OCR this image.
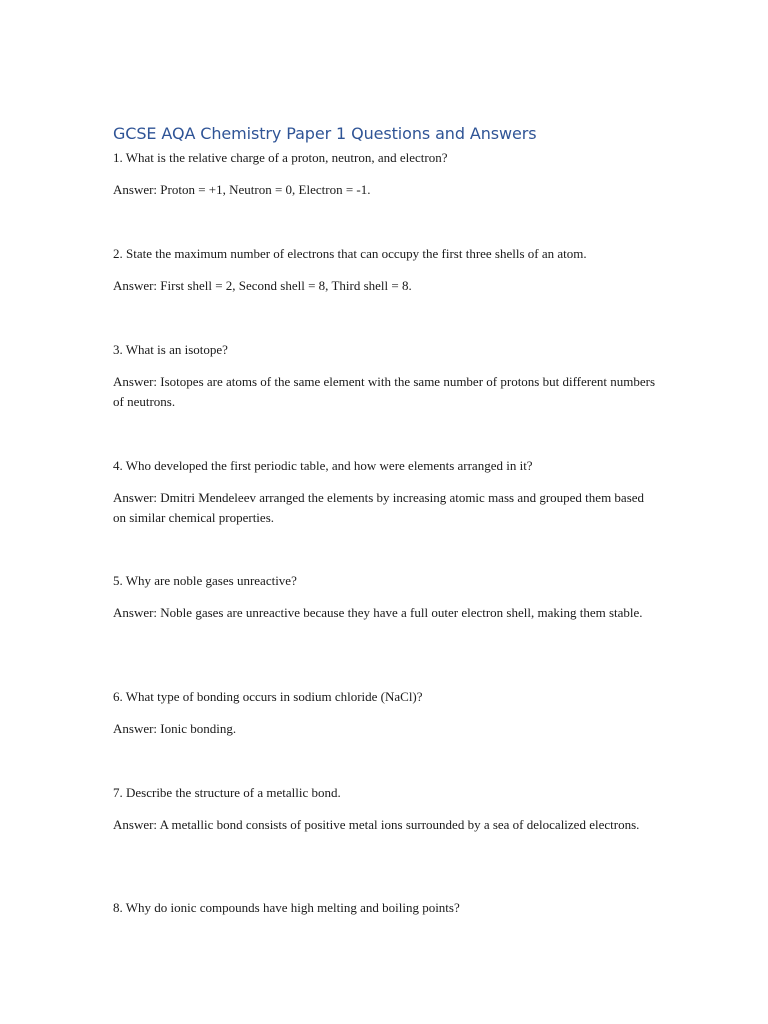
GCSE AQA Chemistry Paper 1 Questions and Answers

1. What is the relative charge of a proton, neutron, and electron?

Answer: Proton = +1, Neutron = 0, Electron = -1.

2. State the maximum number of electrons that can occupy the first three shells of an atom.

Answer: First shell = 2, Second shell = 8, Third shell = 8.

3. What is an isotope?

Answer: Isotopes are atoms of the same element with the same number of protons but different numbers of neutrons.

4. Who developed the first periodic table, and how were elements arranged in it?

Answer: Dmitri Mendeleev arranged the elements by increasing atomic mass and grouped them based on similar chemical properties.

5. Why are noble gases unreactive?

Answer: Noble gases are unreactive because they have a full outer electron shell, making them stable.

6. What type of bonding occurs in sodium chloride (NaCl)?

Answer: Ionic bonding.

7. Describe the structure of a metallic bond.

Answer: A metallic bond consists of positive metal ions surrounded by a sea of delocalized electrons.

8. Why do ionic compounds have high melting and boiling points?
